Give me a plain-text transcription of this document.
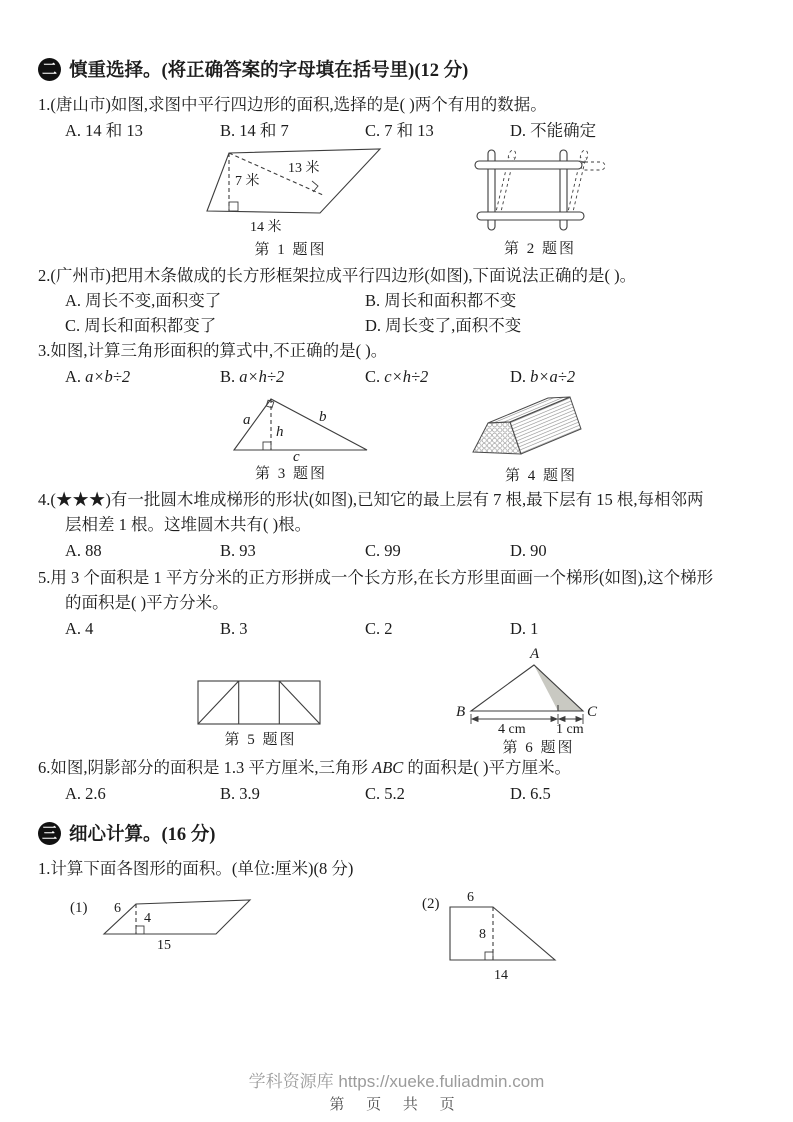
二 慎重选择。(将正确答案的字母填在括号里)(12 分)
1.(唐山市)如图,求图中平行四边形的面积,选择的是( )两个有用的数据。
A. 14 和 13	B. 14 和 7	C. 7 和 13	D. 不能确定
7 米
13 米
14 米
第 1 题图	第 2 题图
2.(广州市)把用木条做成的长方形框架拉成平行四边形(如图),下面说法正确的是( )。
A. 周长不变,面积变了	B. 周长和面积都不变
C. 周长和面积都变了	D. 周长变了,面积不变
3.如图,计算三角形面积的算式中,不正确的是( )。
A. a×b÷2	B. a×h÷2	C. c×h÷2	D. b×a÷2
a
h
b
c
第 3 题图	第 4 题图
4.(★★★)有一批圆木堆成梯形的形状(如图),已知它的最上层有 7 根,最下层有 15 根,每相邻两
层相差 1 根。这堆圆木共有( )根。
A. 88	B. 93	C. 99	D. 90
5.用 3 个面积是 1 平方分米的正方形拼成一个长方形,在长方形里面画一个梯形(如图),这个梯形
的面积是( )平方分米。
A. 4	B. 3	C. 2	D. 1
第 5 题图
A
B	C
4 cm 1 cm
第 6 题图
6.如图,阴影部分的面积是 1.3 平方厘米,三角形 ABC 的面积是( )平方厘米。
A. 2.6	B. 3.9	C. 5.2	D. 6.5
三 细心计算。(16 分)
1.计算下面各图形的面积。(单位:厘米)(8 分)
(1) 6
4
15
(2) 6
8
14
学科资源库 https://xueke.fuliadmin.com
第 页 共 页
